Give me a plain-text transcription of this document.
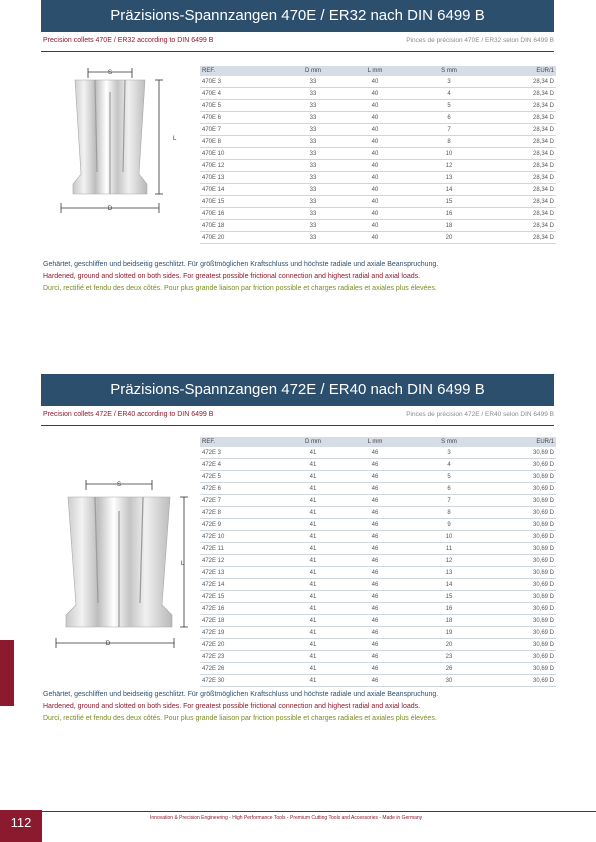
Präzisions-Spannzangen 470E / ER32 nach DIN 6499 B
Precision collets 470E / ER32 according to DIN 6499 B	Pinces de précision 470E / ER32 selon DIN 6499 B
S
L
D
REF.	D mm	L mm	S mm	EUR/1
470E 3	33	40	3	28,34 D
470E 4	33	40	4	28,34 D
470E 5	33	40	5	28,34 D
470E 6	33	40	6	28,34 D
470E 7	33	40	7	28,34 D
470E 8	33	40	8	28,34 D
470E 10	33	40	10	28,34 D
470E 12	33	40	12	28,34 D
470E 13	33	40	13	28,34 D
470E 14	33	40	14	28,34 D
470E 15	33	40	15	28,34 D
470E 16	33	40	16	28,34 D
470E 18	33	40	18	28,34 D
470E 20	33	40	20	28,34 D
Gehärtet, geschliffen und beidseitig geschlitzt. Für größtmöglichen Kraftschluss und höchste radiale und axiale Beanspruchung.
Hardened, ground and slotted on both sides. For greatest possible frictional connection and highest radial and axial loads.
Durci, rectifié et fendu des deux côtés. Pour plus grande liaison par friction possible et charges radiales et axiales plus élevées.
Präzisions-Spannzangen 472E / ER40 nach DIN 6499 B
Precision collets 472E / ER40 according to DIN 6499 B	Pinces de précision 472E / ER40 selon DIN 6499 B
S
L
D
REF.	D mm	L mm	S mm	EUR/1
472E 3	41	46	3	30,69 D
472E 4	41	46	4	30,69 D
472E 5	41	46	5	30,69 D
472E 6	41	46	6	30,69 D
472E 7	41	46	7	30,69 D
472E 8	41	46	8	30,69 D
472E 9	41	46	9	30,69 D
472E 10	41	46	10	30,69 D
472E 11	41	46	11	30,69 D
472E 12	41	46	12	30,69 D
472E 13	41	46	13	30,69 D
472E 14	41	46	14	30,69 D
472E 15	41	46	15	30,69 D
472E 16	41	46	16	30,69 D
472E 18	41	46	18	30,69 D
472E 19	41	46	19	30,69 D
472E 20	41	46	20	30,69 D
472E 23	41	46	23	30,69 D
472E 26	41	46	26	30,69 D
472E 30	41	46	30	30,69 D
Gehärtet, geschliffen und beidseitig geschlitzt. Für größtmöglichen Kraftschluss und höchste radiale und axiale Beanspruchung.
Hardened, ground and slotted on both sides. For greatest possible frictional connection and highest radial and axial loads.
Durci, rectifié et fendu des deux côtés. Pour plus grande liaison par friction possible et charges radiales et axiales plus élevées.
112	Innovation & Precision Engineering - High Performance Tools - Premium Cutting Tools and Accessories - Made in Germany
